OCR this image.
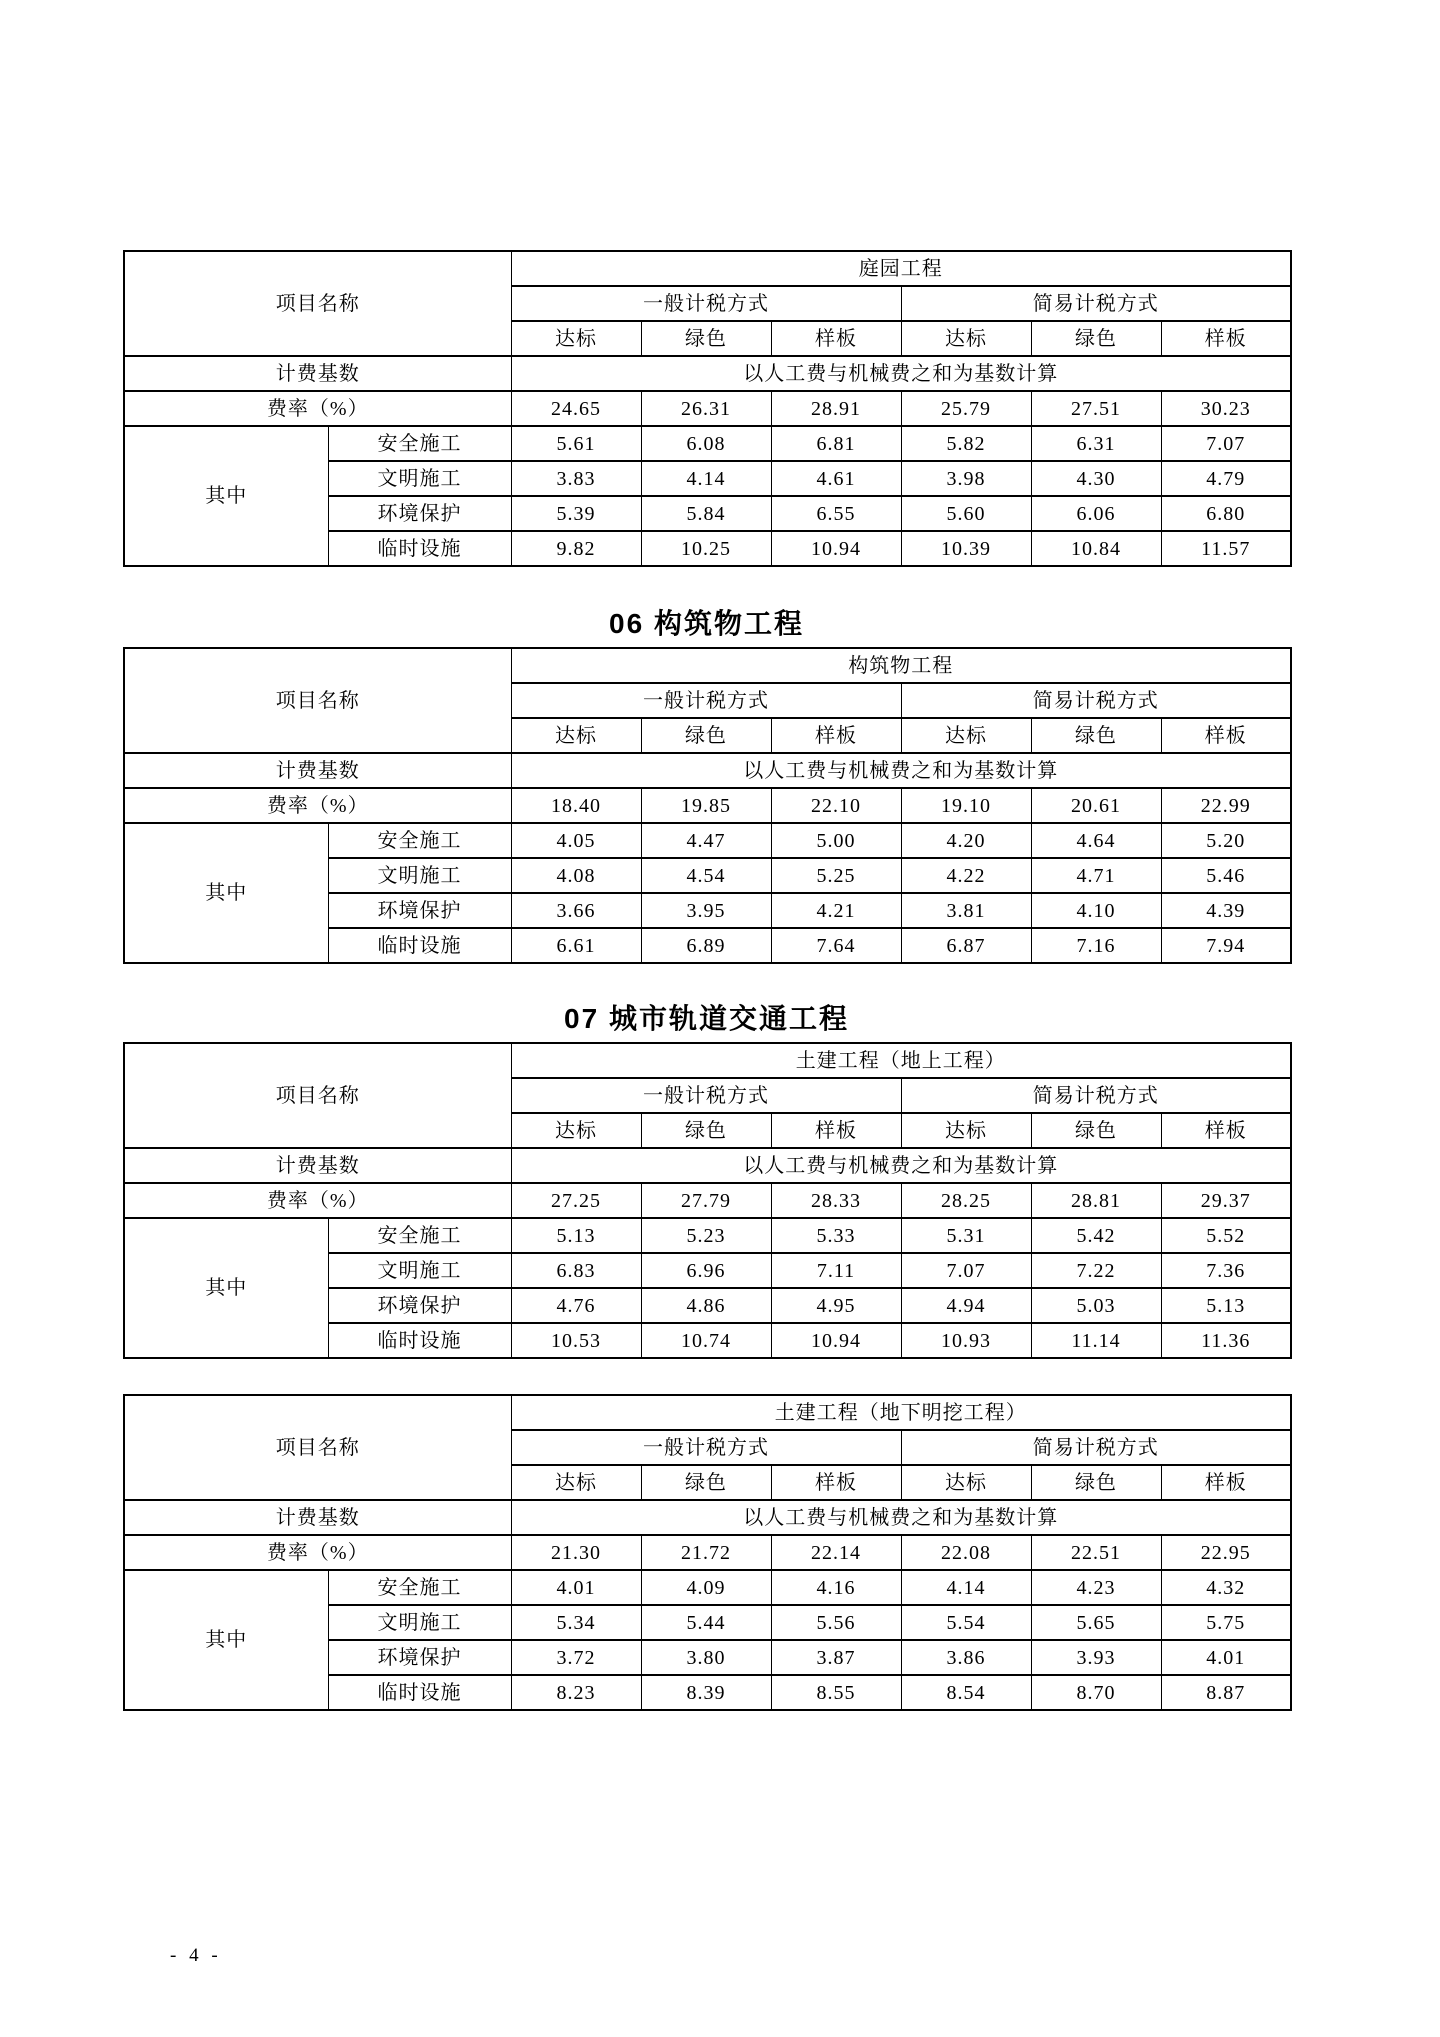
项目名称		庭园工程					
		一般计税方式			简易计税方式		
		达标	绿色	样板	达标	绿色	样板
计费基数		以人工费与机械费之和为基数计算					
费率（%）		24.65	26.31	28.91	25.79	27.51	30.23
其中	安全施工	5.61	6.08	6.81	5.82	6.31	7.07
	文明施工	3.83	4.14	4.61	3.98	4.30	4.79
	环境保护	5.39	5.84	6.55	5.60	6.06	6.80
	临时设施	9.82	10.25	10.94	10.39	10.84	11.57
06 构筑物工程
项目名称		构筑物工程					
		一般计税方式			简易计税方式		
		达标	绿色	样板	达标	绿色	样板
计费基数		以人工费与机械费之和为基数计算					
费率（%）		18.40	19.85	22.10	19.10	20.61	22.99
其中	安全施工	4.05	4.47	5.00	4.20	4.64	5.20
	文明施工	4.08	4.54	5.25	4.22	4.71	5.46
	环境保护	3.66	3.95	4.21	3.81	4.10	4.39
	临时设施	6.61	6.89	7.64	6.87	7.16	7.94
07 城市轨道交通工程
项目名称		土建工程（地上工程）					
		一般计税方式			简易计税方式		
		达标	绿色	样板	达标	绿色	样板
计费基数		以人工费与机械费之和为基数计算					
费率（%）		27.25	27.79	28.33	28.25	28.81	29.37
其中	安全施工	5.13	5.23	5.33	5.31	5.42	5.52
	文明施工	6.83	6.96	7.11	7.07	7.22	7.36
	环境保护	4.76	4.86	4.95	4.94	5.03	5.13
	临时设施	10.53	10.74	10.94	10.93	11.14	11.36
项目名称		土建工程（地下明挖工程）					
		一般计税方式			简易计税方式		
		达标	绿色	样板	达标	绿色	样板
计费基数		以人工费与机械费之和为基数计算					
费率（%）		21.30	21.72	22.14	22.08	22.51	22.95
其中	安全施工	4.01	4.09	4.16	4.14	4.23	4.32
	文明施工	5.34	5.44	5.56	5.54	5.65	5.75
	环境保护	3.72	3.80	3.87	3.86	3.93	4.01
	临时设施	8.23	8.39	8.55	8.54	8.70	8.87
- 4 -
